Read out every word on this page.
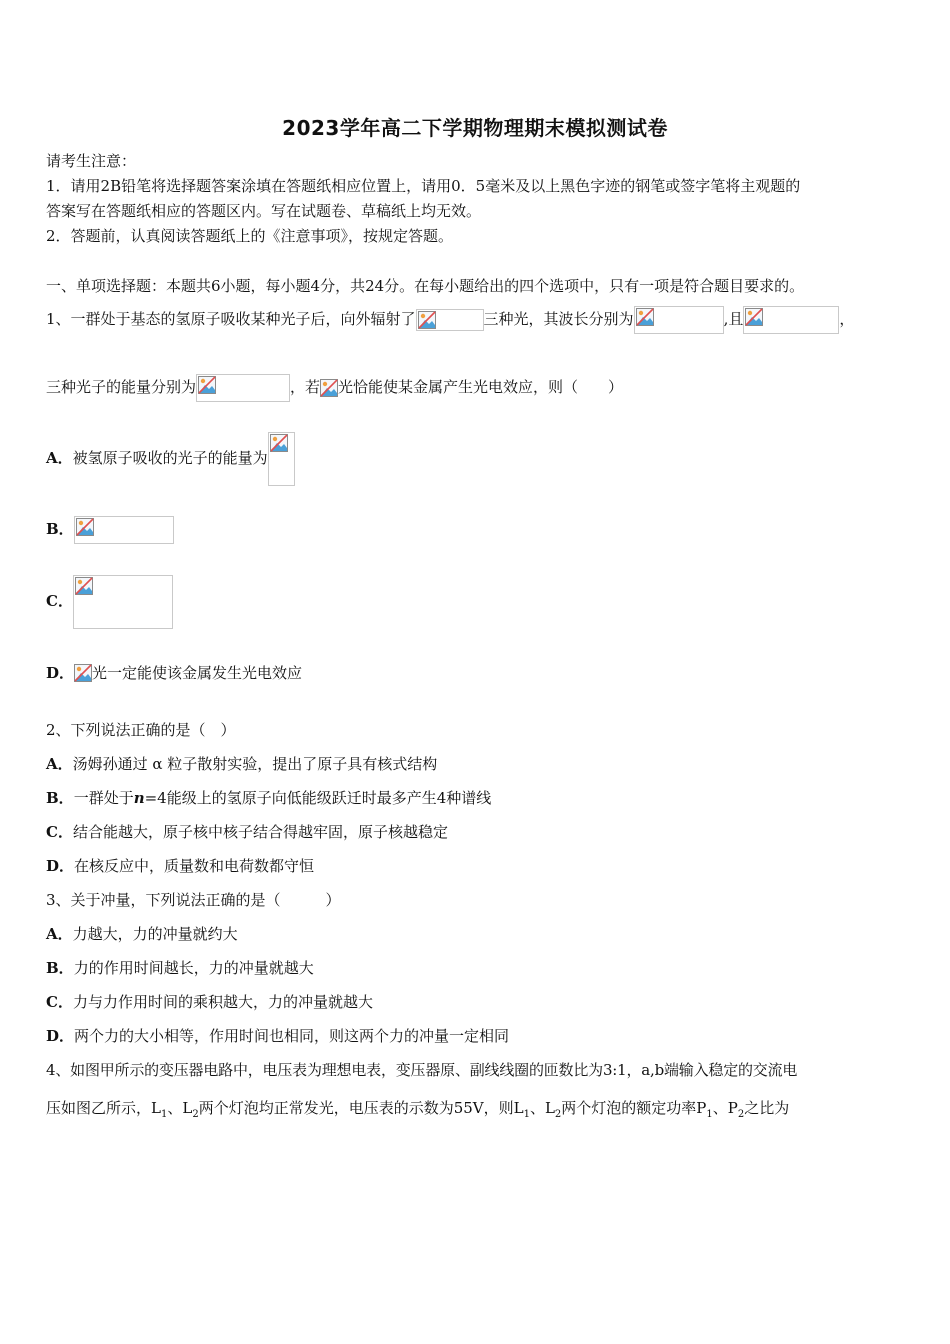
2023学年高二下学期物理期末模拟测试卷
请考生注意：
1．请用2B铅笔将选择题答案涂填在答题纸相应位置上，请用0．5毫米及以上黑色字迹的钢笔或签字笔将主观题的
答案写在答题纸相应的答题区内。写在试题卷、草稿纸上均无效。
2．答题前，认真阅读答题纸上的《注意事项》，按规定答题。
一、单项选择题：本题共6小题，每小题4分，共24分。在每小题给出的四个选项中，只有一项是符合题目要求的。
1、一群处于基态的氢原子吸收某种光子后，向外辐射了	三种光，其波长分别为	,且	，
三种光子的能量分别为	，若 光恰能使某金属产生光电效应，则（　　）
A．被氢原子吸收的光子的能量为
B．
C．
D． 光一定能使该金属发生光电效应
2、下列说法正确的是（　）
A．汤姆孙通过 α 粒子散射实验，提出了原子具有核式结构
B．一群处于n=4能级上的氢原子向低能级跃迁时最多产生4种谱线
C．结合能越大，原子核中核子结合得越牢固，原子核越稳定
D．在核反应中，质量数和电荷数都守恒
3、关于冲量，下列说法正确的是（　　　）
A．力越大，力的冲量就约大
B．力的作用时间越长，力的冲量就越大
C．力与力作用时间的乘积越大，力的冲量就越大
D．两个力的大小相等，作用时间也相同，则这两个力的冲量一定相同
4、如图甲所示的变压器电路中，电压表为理想电表，变压器原、副线线圈的匝数比为3:1，a,b端输入稳定的交流电
压如图乙所示，$L_1$、$L_2$两个灯泡均正常发光，电压表的示数为55V，则$L_1$、$L_2$两个灯泡的额定功率$P_1$、$P_2$之比为
